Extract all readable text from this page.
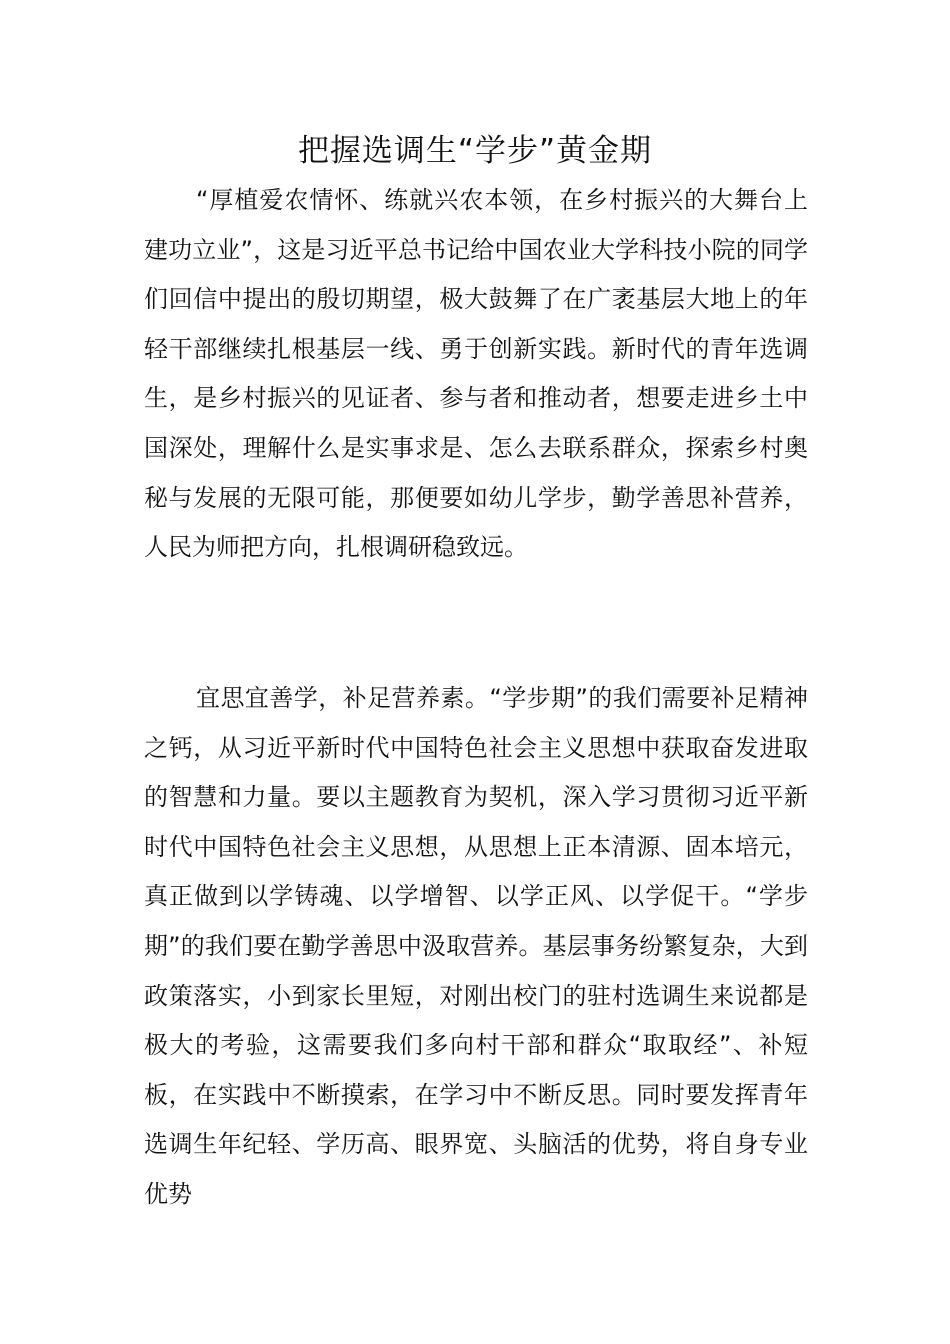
把握选调生“学步”黄金期

“厚植爱农情怀、练就兴农本领，在乡村振兴的大舞台上建功立业”，这是习近平总书记给中国农业大学科技小院的同学们回信中提出的殷切期望，极大鼓舞了在广袤基层大地上的年轻干部继续扎根基层一线、勇于创新实践。新时代的青年选调生，是乡村振兴的见证者、参与者和推动者，想要走进乡土中国深处，理解什么是实事求是、怎么去联系群众，探索乡村奥秘与发展的无限可能，那便要如幼儿学步，勤学善思补营养，人民为师把方向，扎根调研稳致远。

宜思宜善学，补足营养素。“学步期”的我们需要补足精神之钙，从习近平新时代中国特色社会主义思想中获取奋发进取的智慧和力量。要以主题教育为契机，深入学习贯彻习近平新时代中国特色社会主义思想，从思想上正本清源、固本培元，真正做到以学铸魂、以学增智、以学正风、以学促干。“学步期”的我们要在勤学善思中汲取营养。基层事务纷繁复杂，大到政策落实，小到家长里短，对刚出校门的驻村选调生来说都是极大的考验，这需要我们多向村干部和群众“取取经”、补短板，在实践中不断摸索，在学习中不断反思。同时要发挥青年选调生年纪轻、学历高、眼界宽、头脑活的优势，将自身专业优势
